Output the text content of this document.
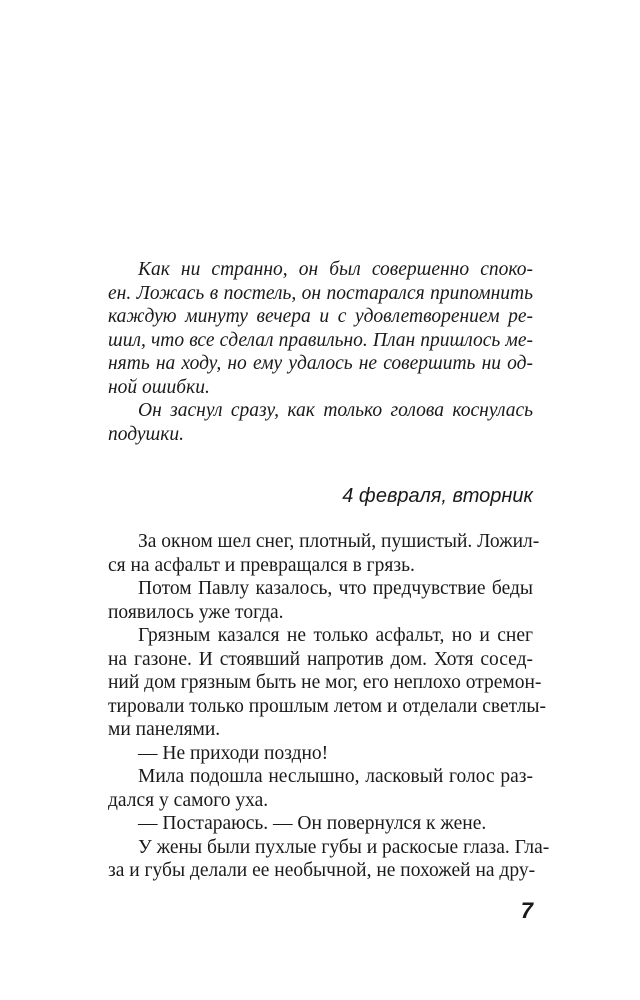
Как ни странно, он был совершенно споко-
ен. Ложась в постель, он постарался припомнить
каждую минуту вечера и с удовлетворением ре-
шил, что все сделал правильно. План пришлось ме-
нять на ходу, но ему удалось не совершить ни од-
ной ошибки.
Он заснул сразу, как только голова коснулась
подушки.
4 февраля, вторник
За окном шел снег, плотный, пушистый. Ложил-
ся на асфальт и превращался в грязь.
Потом Павлу казалось, что предчувствие беды
появилось уже тогда.
Грязным казался не только асфальт, но и снег
на газоне. И стоявший напротив дом. Хотя сосед-
ний дом грязным быть не мог, его неплохо отремон-
тировали только прошлым летом и отделали светлы-
ми панелями.
— Не приходи поздно!
Мила подошла неслышно, ласковый голос раз-
дался у самого уха.
— Постараюсь. — Он повернулся к жене.
У жены были пухлые губы и раскосые глаза. Гла-
за и губы делали ее необычной, не похожей на дру-
7
